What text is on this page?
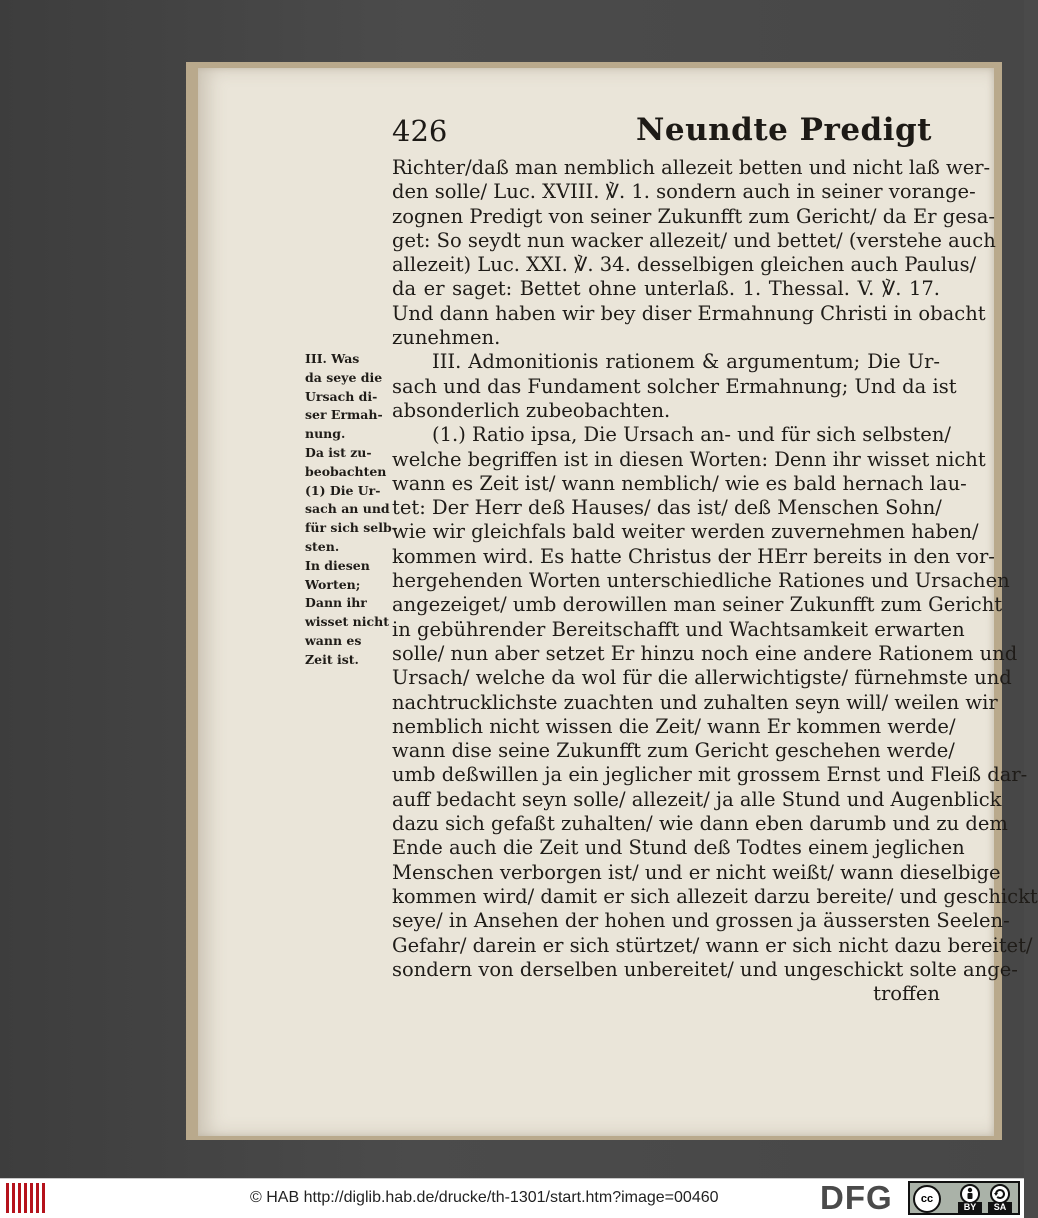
426	Neundte Predigt
Richter/daß man nemblich allezeit betten und nicht laß wer-
den solle/ Luc. XVIII. ℣. 1. sondern auch in seiner vorange-
zognen Predigt von seiner Zukunfft zum Gericht/ da Er gesa-
get: So seydt nun wacker allezeit/ und bettet/ (verstehe auch
allezeit) Luc. XXI. ℣. 34. desselbigen gleichen auch Paulus/
da er saget: Bettet ohne unterlaß. 1. Thessal. V. ℣. 17.
Und dann haben wir bey diser Ermahnung Christi in obacht
zunehmen.
III. Admonitionis rationem & argumentum; Die Ur-
sach und das Fundament solcher Ermahnung; Und da ist
absonderlich zubeobachten.
(1.) Ratio ipsa, Die Ursach an- und für sich selbsten/
welche begriffen ist in diesen Worten: Denn ihr wisset nicht
wann es Zeit ist/ wann nemblich/ wie es bald hernach lau-
tet: Der Herr deß Hauses/ das ist/ deß Menschen Sohn/
wie wir gleichfals bald weiter werden zuvernehmen haben/
kommen wird. Es hatte Christus der HErr bereits in den vor-
hergehenden Worten unterschiedliche Rationes und Ursachen
angezeiget/ umb derowillen man seiner Zukunfft zum Gericht
in gebührender Bereitschafft und Wachtsamkeit erwarten
solle/ nun aber setzet Er hinzu noch eine andere Rationem und
Ursach/ welche da wol für die allerwichtigste/ fürnehmste und
nachtrucklichste zuachten und zuhalten seyn will/ weilen wir
nemblich nicht wissen die Zeit/ wann Er kommen werde/
wann dise seine Zukunfft zum Gericht geschehen werde/
umb deßwillen ja ein jeglicher mit grossem Ernst und Fleiß dar-
auff bedacht seyn solle/ allezeit/ ja alle Stund und Augenblick
dazu sich gefaßt zuhalten/ wie dann eben darumb und zu dem
Ende auch die Zeit und Stund deß Todtes einem jeglichen
Menschen verborgen ist/ und er nicht weißt/ wann dieselbige
kommen wird/ damit er sich allezeit darzu bereite/ und geschickt
seye/ in Ansehen der hohen und grossen ja äussersten Seelen-
Gefahr/ darein er sich stürtzet/ wann er sich nicht dazu bereitet/
sondern von derselben unbereitet/ und ungeschickt solte ange-
troffen
III. Was
da seye die
Ursach di-
ser Ermah-
nung.
Da ist zu-
beobachten
(1) Die Ur-
sach an und
für sich selb-
sten.
In diesen
Worten;
Dann ihr
wisset nicht
wann es
Zeit ist.
© HAB http://diglib.hab.de/drucke/th-1301/start.htm?image=00460	DFG	cc
BY	SA
